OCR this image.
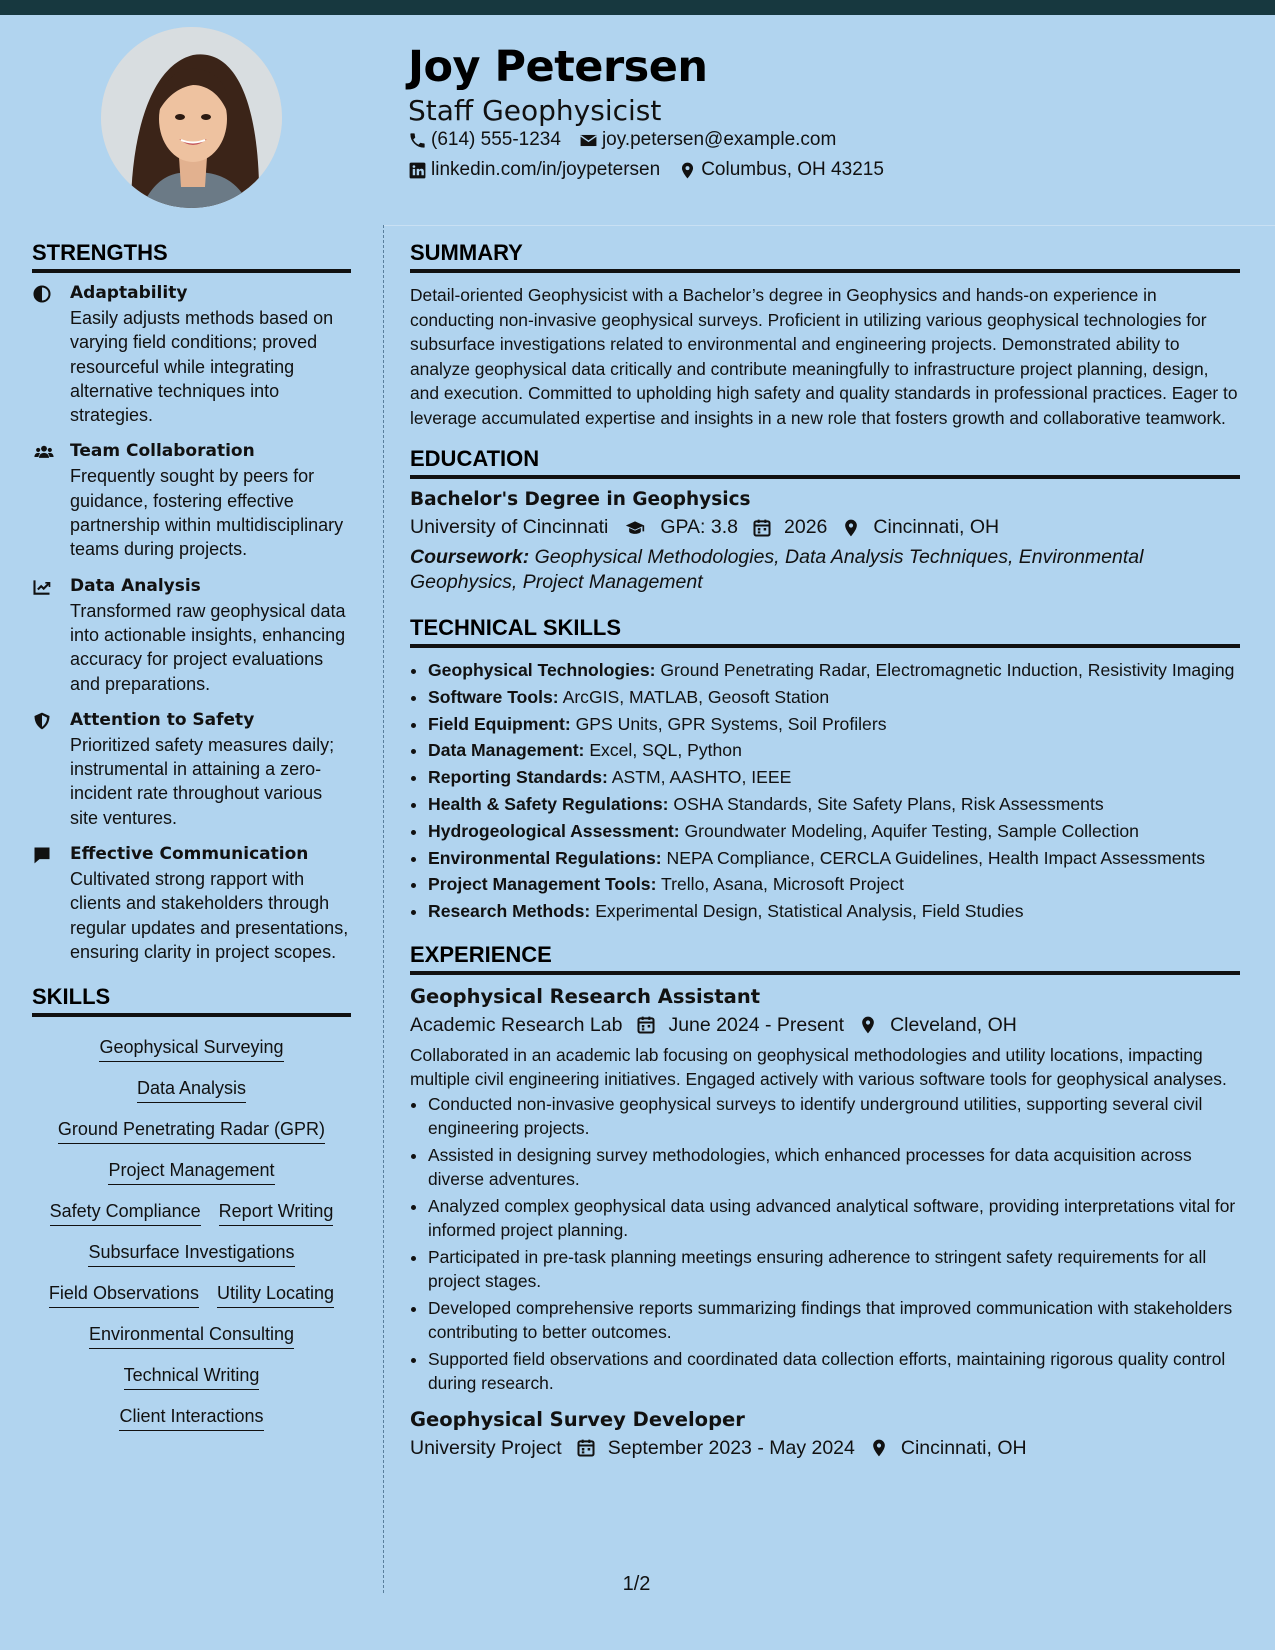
Joy Petersen
Staff Geophysicist
(614) 555-1234 joy.petersen@example.com
linkedin.com/in/joypetersen Columbus, OH 43215
STRENGTHS
Adaptability
Easily adjusts methods based on varying field conditions; proved resourceful while integrating alternative techniques into strategies.
Team Collaboration
Frequently sought by peers for guidance, fostering effective partnership within multidisciplinary teams during projects.
Data Analysis
Transformed raw geophysical data into actionable insights, enhancing accuracy for project evaluations and preparations.
Attention to Safety
Prioritized safety measures daily; instrumental in attaining a zero-incident rate throughout various site ventures.
Effective Communication
Cultivated strong rapport with clients and stakeholders through regular updates and presentations, ensuring clarity in project scopes.
SKILLS
Geophysical Surveying
Data Analysis
Ground Penetrating Radar (GPR)
Project Management
Safety Compliance Report Writing
Subsurface Investigations
Field Observations Utility Locating
Environmental Consulting
Technical Writing
Client Interactions
SUMMARY
Detail-oriented Geophysicist with a Bachelor’s degree in Geophysics and hands-on experience in conducting non-invasive geophysical surveys. Proficient in utilizing various geophysical technologies for subsurface investigations related to environmental and engineering projects. Demonstrated ability to analyze geophysical data critically and contribute meaningfully to infrastructure project planning, design, and execution. Committed to upholding high safety and quality standards in professional practices. Eager to leverage accumulated expertise and insights in a new role that fosters growth and collaborative teamwork.
EDUCATION
Bachelor's Degree in Geophysics
University of Cincinnati	GPA: 3.8 2026 Cincinnati, OH
Coursework: Geophysical Methodologies, Data Analysis Techniques, Environmental Geophysics, Project Management
TECHNICAL SKILLS
• Geophysical Technologies: Ground Penetrating Radar, Electromagnetic Induction, Resistivity Imaging
• Software Tools: ArcGIS, MATLAB, Geosoft Station
• Field Equipment: GPS Units, GPR Systems, Soil Profilers
• Data Management: Excel, SQL, Python
• Reporting Standards: ASTM, AASHTO, IEEE
• Health & Safety Regulations: OSHA Standards, Site Safety Plans, Risk Assessments
• Hydrogeological Assessment: Groundwater Modeling, Aquifer Testing, Sample Collection
• Environmental Regulations: NEPA Compliance, CERCLA Guidelines, Health Impact Assessments
• Project Management Tools: Trello, Asana, Microsoft Project
• Research Methods: Experimental Design, Statistical Analysis, Field Studies
EXPERIENCE
Geophysical Research Assistant
Academic Research Lab June 2024 - Present Cleveland, OH
Collaborated in an academic lab focusing on geophysical methodologies and utility locations, impacting multiple civil engineering initiatives. Engaged actively with various software tools for geophysical analyses.
• Conducted non-invasive geophysical surveys to identify underground utilities, supporting several civil engineering projects.
• Assisted in designing survey methodologies, which enhanced processes for data acquisition across diverse adventures.
• Analyzed complex geophysical data using advanced analytical software, providing interpretations vital for informed project planning.
• Participated in pre-task planning meetings ensuring adherence to stringent safety requirements for all project stages.
• Developed comprehensive reports summarizing findings that improved communication with stakeholders contributing to better outcomes.
• Supported field observations and coordinated data collection efforts, maintaining rigorous quality control during research.
Geophysical Survey Developer
University Project September 2023 - May 2024 Cincinnati, OH
1/2
